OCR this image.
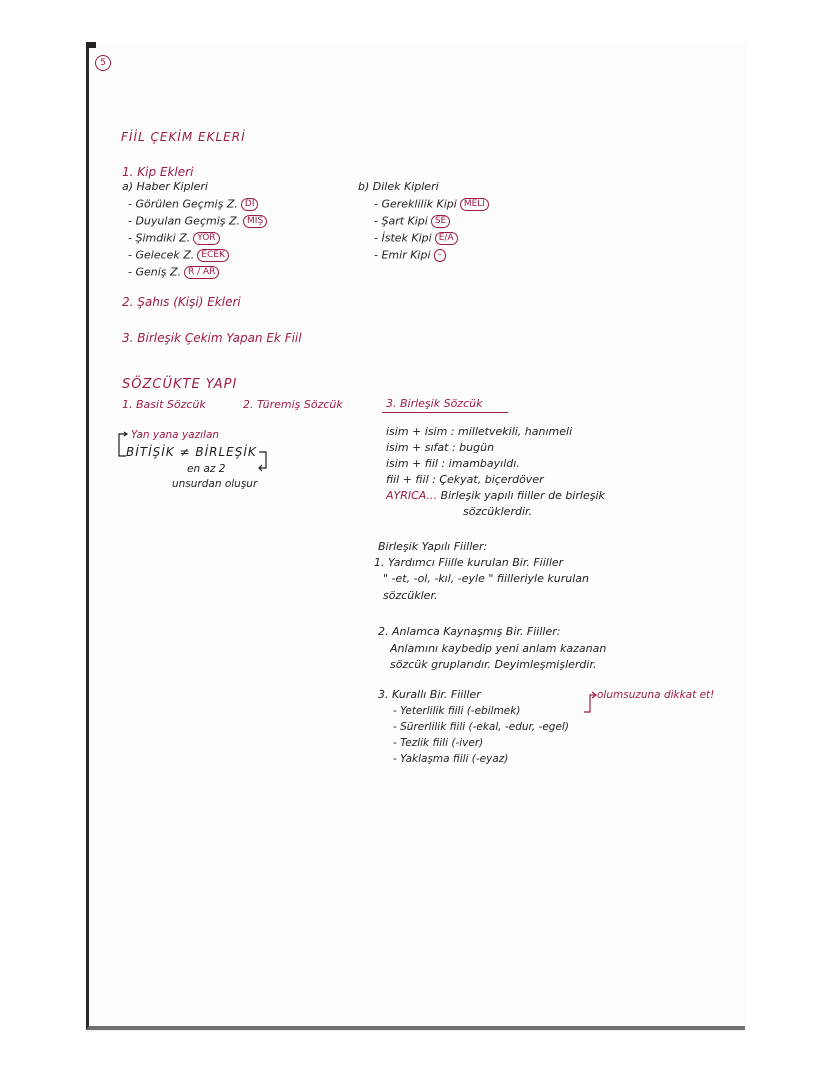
5
FİİL ÇEKİM EKLERİ
1. Kip Ekleri
a) Haber Kipleri
- Görülen Geçmiş Z. DI
- Duyulan Geçmiş Z. MIŞ
- Şimdiki Z. YOR
- Gelecek Z. ECEK
- Geniş Z. R / AR
b) Dilek Kipleri
- Gereklilik Kipi MELİ
- Şart Kipi SE
- İstek Kipi E/A
- Emir Kipi –
2. Şahıs (Kişi) Ekleri
3. Birleşik Çekim Yapan Ek Fiil
SÖZCÜKTE YAPI
1. Basit Sözcük	2. Türemiş Sözcük	3. Birleşik Sözcük
Yan yana yazılan
BİTİŞİK ≠ BİRLEŞİK
en az 2
unsurdan oluşur
isim + isim : milletvekili, hanımeli
isim + sıfat : bugün
isim + fiil : imambayıldı.
fiil + fiil : Çekyat, biçerdöver
AYRICA... Birleşik yapılı fiiller de birleşik
sözcüklerdir.
Birleşik Yapılı Fiiller:
1. Yardımcı Fiille kurulan Bir. Fiiller
" -et, -ol, -kıl, -eyle " fiilleriyle kurulan
sözcükler.
2. Anlamca Kaynaşmış Bir. Fiiller:
Anlamını kaybedip yeni anlam kazanan
sözcük gruplarıdır. Deyimleşmişlerdir.
3. Kurallı Bir. Fiiller	olumsuzuna dikkat et!
- Yeterlilik fiili (-ebilmek)
- Sürerlilik fiili (-ekal, -edur, -egel)
- Tezlik fiili (-iver)
- Yaklaşma fiili (-eyaz)
